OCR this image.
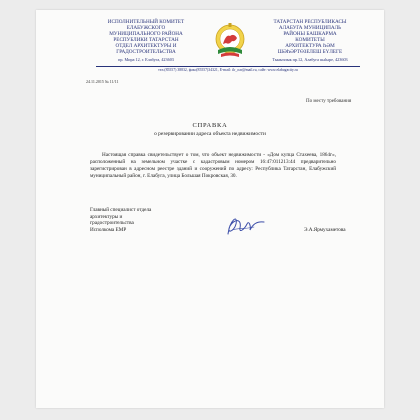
ИСПОЛНИТЕЛЬНЫЙ КОМИТЕТ
ЕЛАБУЖСКОГО
МУНИЦИПАЛЬНОГО РАЙОНА
РЕСПУБЛИКИ ТАТАРСТАН
ОТДЕЛ АРХИТЕКТУРЫ И
ГРАДОСТРОИТЕЛЬСТВА
пр. Мира 12, г. Елабуга, 423603
ТАТАРСТАН РЕСПУБЛИКАСЫ
АЛАБУГА МУНИЦИПАЛЬ
РАЙОНЫ БАШКАРМА
КОМИТЕТЫ
АРХИТЕКТУРА ҺӘМ
ШӘҺӘРТӨЗЕЛЕШ БҮЛЕГЕ
Тынычлык пр.12, Алабуга шәһәре, 423603
тел.(85557) 38832, факс(85557)34321, E-mail: ilr_oar@mail.ru, сайт: www.elabugacity.ru
24.11.2015 № 11/11
По месту требования
СПРАВКА
о резервировании адреса объекта недвижимости
Настоящая справка свидетельствует о том, что объект недвижимости - «Дом купца Стахеева, 1864г», расположенный на земельном участке с кадастровым номером 16:47:011213:44 предварительно зарегистрирован в адресном реестре зданий и сооружений по адресу: Республика Татарстан, Елабужский муниципальный район, г. Елабуга, улица Большая Покровская, 30.
Главный специалист отдела
архитектуры и
градостроительства
Исполкома ЕМР	Э.А.Ярмухаметова
